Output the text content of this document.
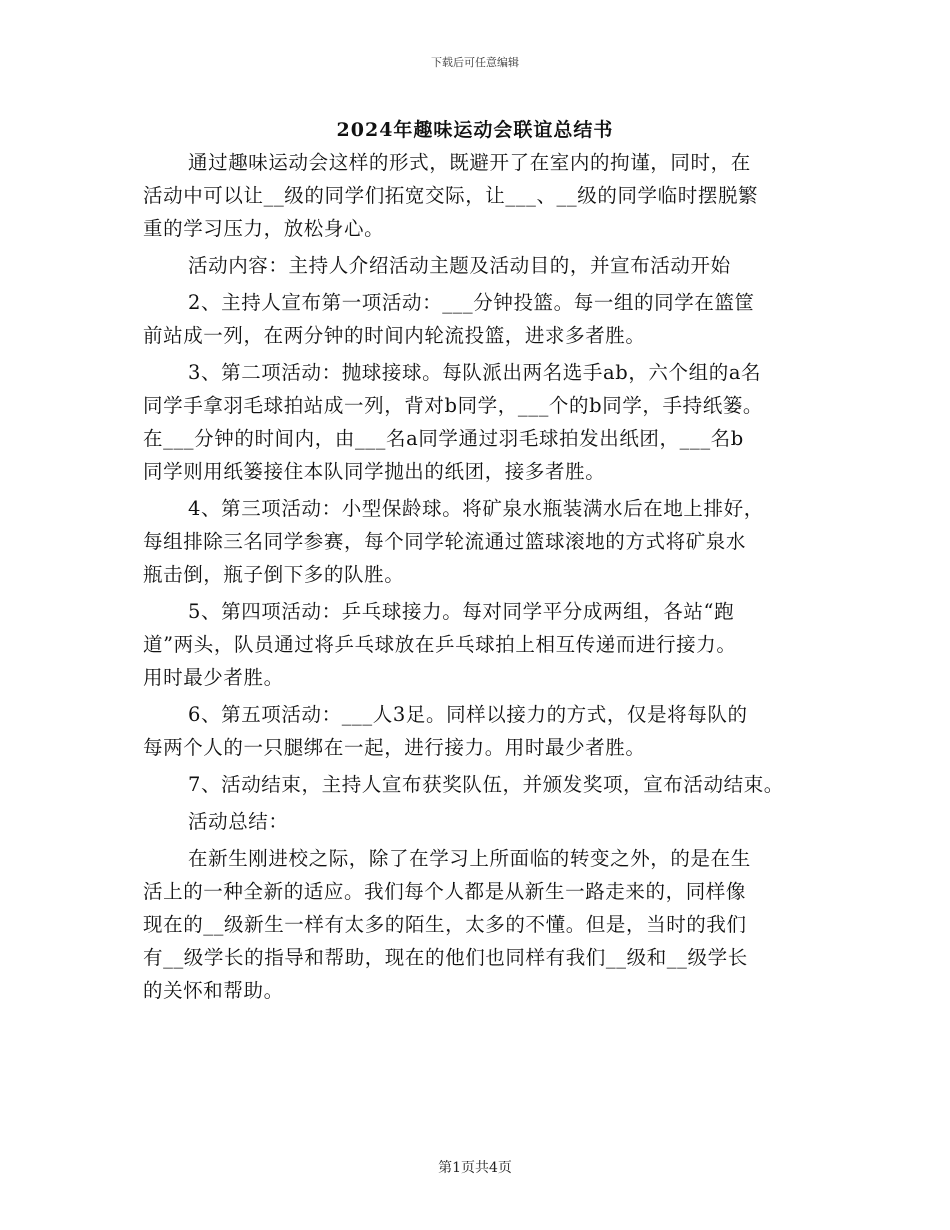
下载后可任意编辑
2024年趣味运动会联谊总结书
通过趣味运动会这样的形式，既避开了在室内的拘谨，同时，在
活动中可以让__级的同学们拓宽交际，让___、__级的同学临时摆脱繁
重的学习压力，放松身心。
活动内容：主持人介绍活动主题及活动目的，并宣布活动开始
2、主持人宣布第一项活动：___分钟投篮。每一组的同学在篮筐
前站成一列，在两分钟的时间内轮流投篮，进求多者胜。
3、第二项活动：抛球接球。每队派出两名选手ab，六个组的a名
同学手拿羽毛球拍站成一列，背对b同学，___个的b同学，手持纸篓。
在___分钟的时间内，由___名a同学通过羽毛球拍发出纸团，___名b
同学则用纸篓接住本队同学抛出的纸团，接多者胜。
4、第三项活动：小型保龄球。将矿泉水瓶装满水后在地上排好，
每组排除三名同学参赛，每个同学轮流通过篮球滚地的方式将矿泉水
瓶击倒，瓶子倒下多的队胜。
5、第四项活动：乒乓球接力。每对同学平分成两组，各站“跑
道”两头，队员通过将乒乓球放在乒乓球拍上相互传递而进行接力。
用时最少者胜。
6、第五项活动：___人3足。同样以接力的方式，仅是将每队的
每两个人的一只腿绑在一起，进行接力。用时最少者胜。
7、活动结束，主持人宣布获奖队伍，并颁发奖项，宣布活动结束。
活动总结：
在新生刚进校之际，除了在学习上所面临的转变之外，的是在生
活上的一种全新的适应。我们每个人都是从新生一路走来的，同样像
现在的__级新生一样有太多的陌生，太多的不懂。但是，当时的我们
有__级学长的指导和帮助，现在的他们也同样有我们__级和__级学长
的关怀和帮助。
第1页共4页
